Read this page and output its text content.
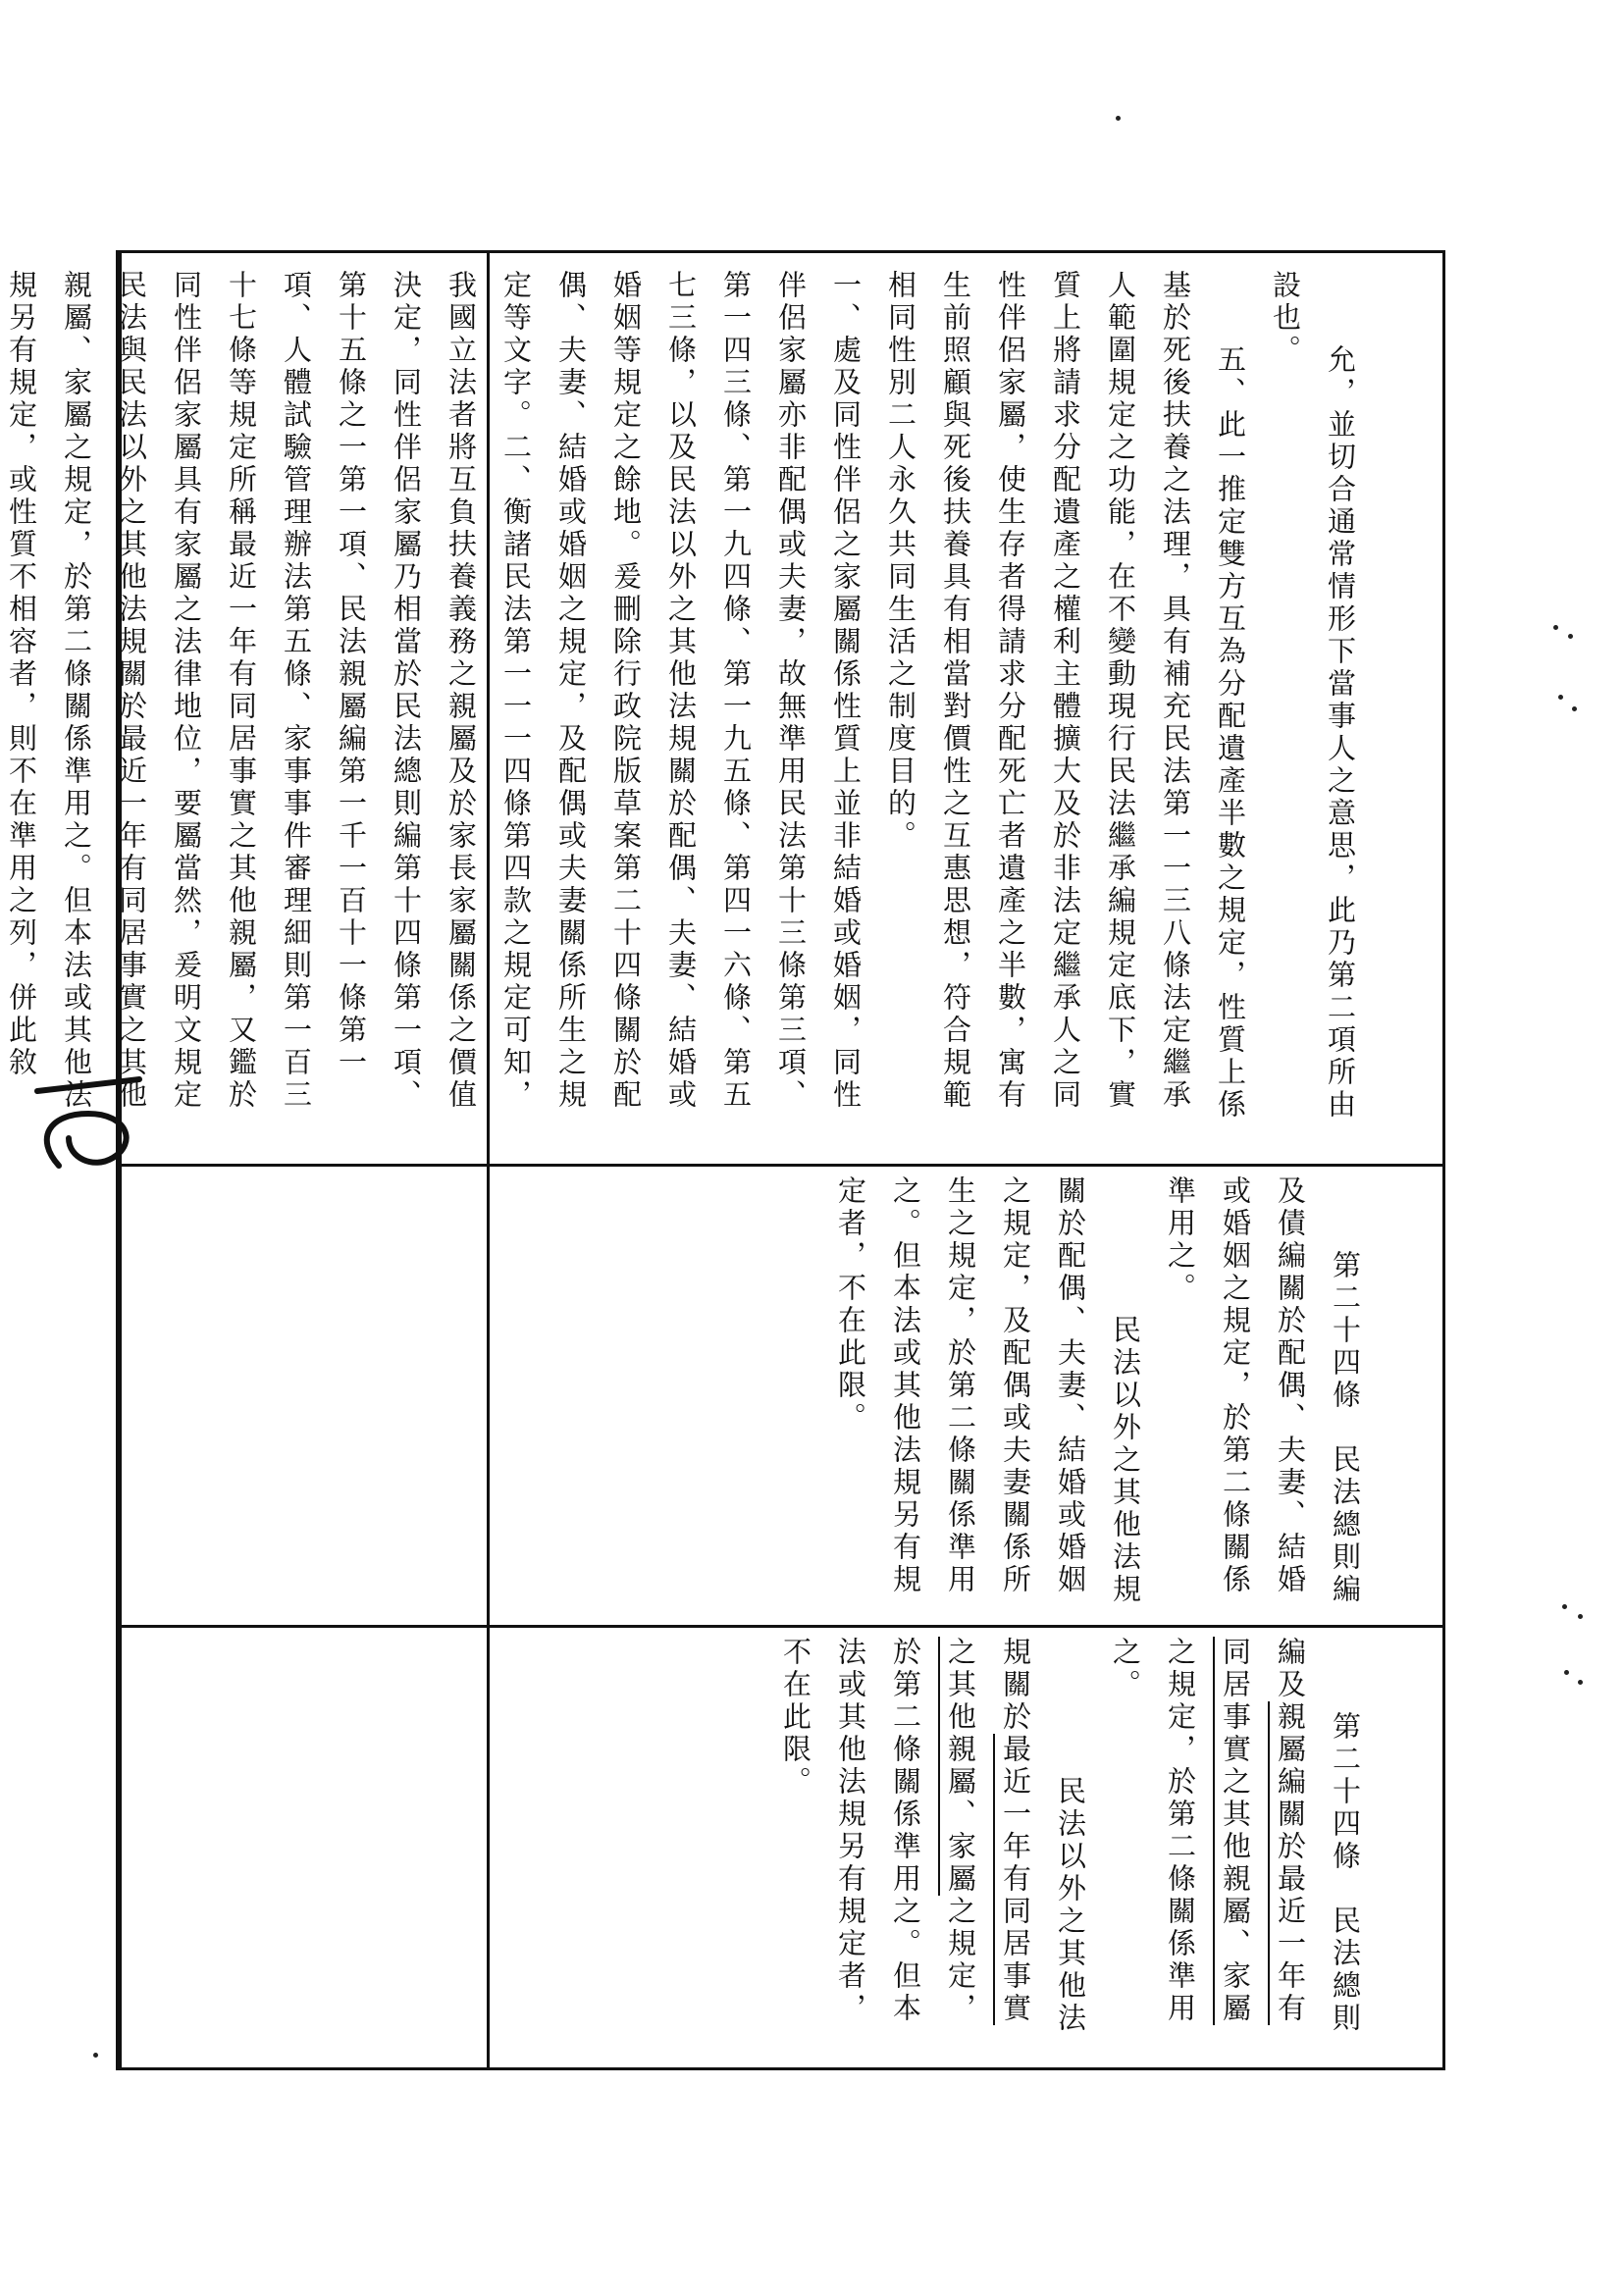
允，並切合通常情形下當事人之意思，此乃第二項所由設也。
五、此一推定雙方互為分配遺產半數之規定，性質上係基於死後扶養之法理，具有補充民法第一一三八條法定繼承人範圍規定之功能，在不變動現行民法繼承編規定底下，實質上將請求分配遺產之權利主體擴大及於非法定繼承人之同性伴侶家屬，使生存者得請求分配死亡者遺產之半數，寓有生前照顧與死後扶養具有相當對價性之互惠思想，符合規範相同性別二人永久共同生活之制度目的。
一、處及同性伴侶之家屬關係性質上並非結婚或婚姻，同性伴侶家屬亦非配偶或夫妻，故無準用民法第十三條第三項、第一四三條、第一九四條、第一九五條、第四一六條、第五七三條，以及民法以外之其他法規關於配偶、夫妻、結婚或婚姻等規定之餘地。爰刪除行政院版草案第二十四條關於配偶、夫妻、結婚或婚姻之規定，及配偶或夫妻關係所生之規定等文字。二、衡諸民法第一一一四條第四款之規定可知，我國立法者將互負扶養義務之親屬及於家長家屬關係之價值決定，同性伴侶家屬乃相當於民法總則編第十四條第一項、第十五條之一第一項、民法親屬編第一千一百十一條第一項、人體試驗管理辦法第五條、家事事件審理細則第一百三十七條等規定所稱最近一年有同居事實之其他親屬，又鑑於同性伴侶家屬具有家屬之法律地位，要屬當然，爰明文規定民法與民法以外之其他法規關於最近一年有同居事實之其他親屬、家屬之規定，於第二條關係準用之。但本法或其他法規另有規定，或性質不相容者，則不在準用之列，併此敘

第二十四條　民法總則編及債編關於配偶、夫妻、結婚或婚姻之規定，於第二條關係準用之。
　　民法以外之其他法規關於配偶、夫妻、結婚或婚姻之規定，及配偶或夫妻關係所生之規定，於第二條關係準用之。但本法或其他法規另有規定者，不在此限。

第二十四條　民法總則編及親屬編關於最近一年有同居事實之其他親屬、家屬之規定，於第二條關係準用之。
　　民法以外之其他法規關於最近一年有同居事實之其他親屬、家屬之規定，於第二條關係準用之。但本法或其他法規另有規定者，不在此限。
